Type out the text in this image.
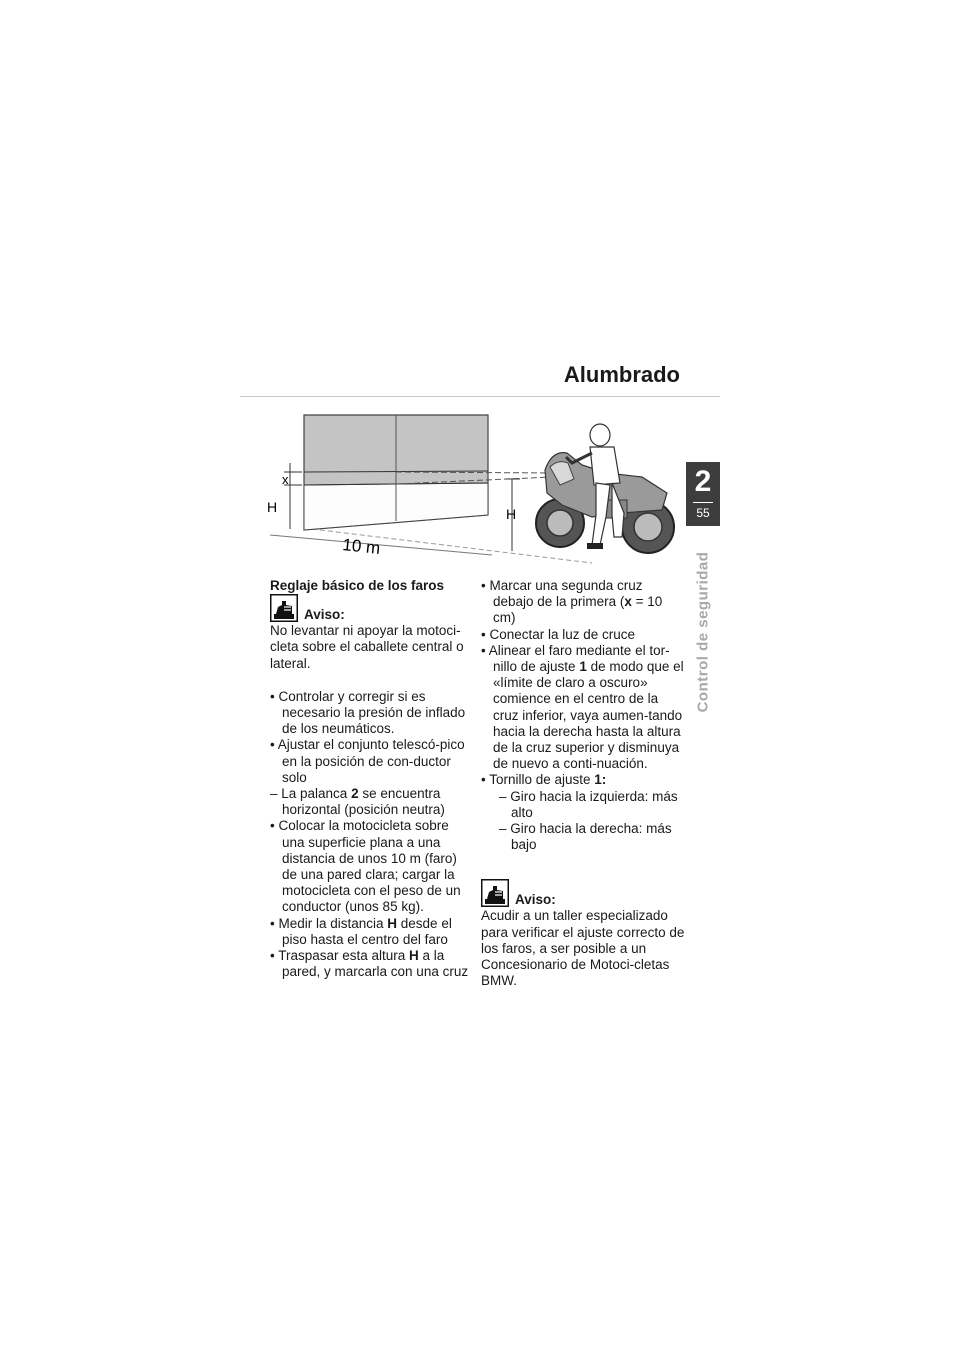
Alumbrado
2
55
Control de seguridad
x
H	H
10 m

Reglaje básico de los faros

Aviso:

No levantar ni apoyar la motoci-cleta sobre el caballete central o lateral.

• Controlar y corregir si es necesario la presión de inflado de los neumáticos.

• Ajustar el conjunto telescó-pico en la posición de con-ductor solo

– La palanca 2 se encuentra horizontal (posición neutra)

• Colocar la motocicleta sobre una superficie plana a una distancia de unos 10 m (faro) de una pared clara; cargar la motocicleta con el peso de un conductor (unos 85 kg).

• Medir la distancia H desde el piso hasta el centro del faro

• Traspasar esta altura H a la pared, y marcarla con una cruz

• Marcar una segunda cruz debajo de la primera (x = 10 cm)

• Conectar la luz de cruce

• Alinear el faro mediante el tor-nillo de ajuste 1 de modo que el «límite de claro a oscuro» comience en el centro de la cruz inferior, vaya aumen-tando hacia la derecha hasta la altura de la cruz superior y disminuya de nuevo a conti-nuación.

• Tornillo de ajuste 1:

– Giro hacia la izquierda: más alto

– Giro hacia la derecha: más bajo

Aviso:

Acudir a un taller especializado para verificar el ajuste correcto de los faros, a ser posible a un Concesionario de Motoci-cletas BMW.
